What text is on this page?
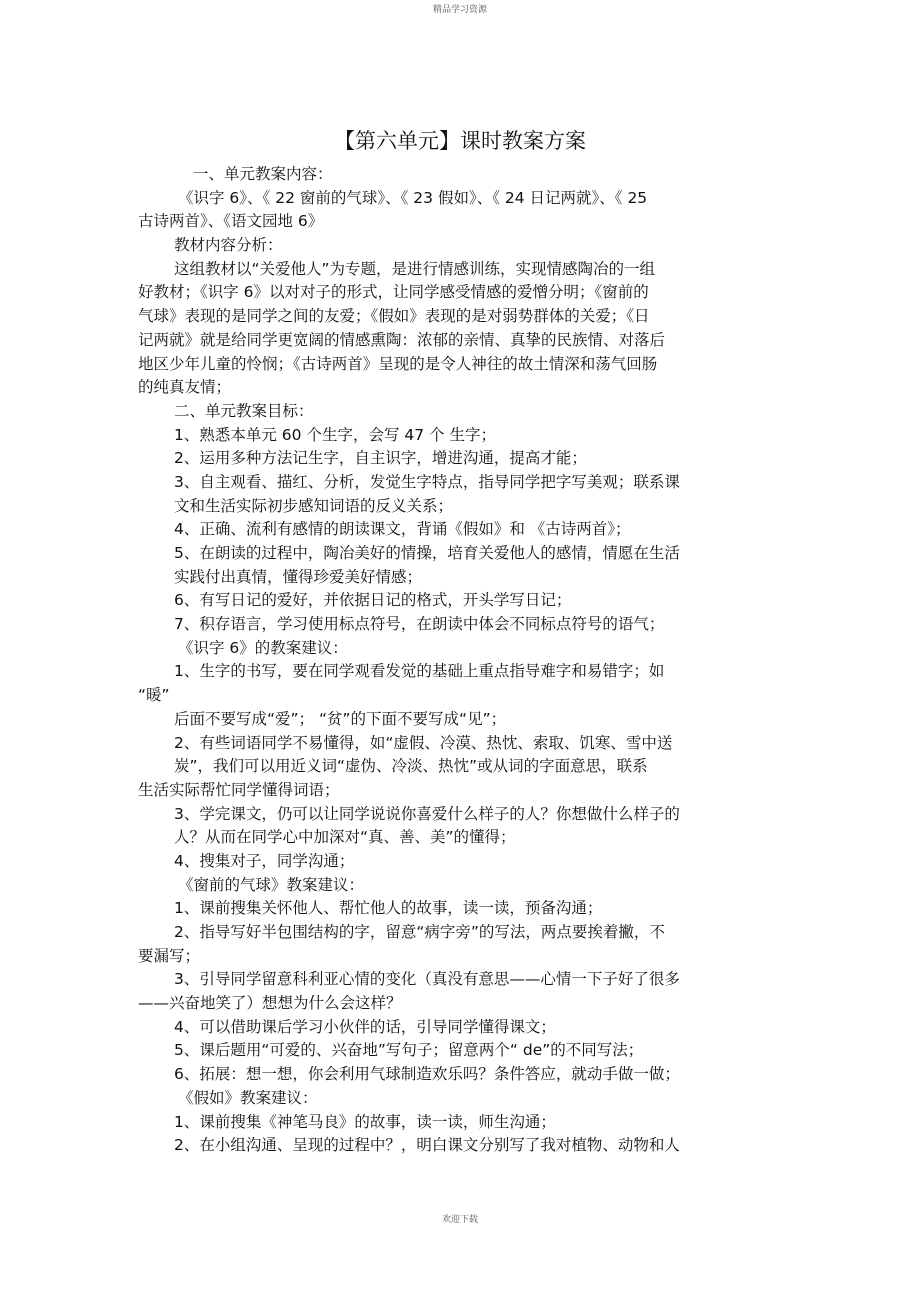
精品学习资源
【第六单元】课时教案方案
一、单元教案内容：
《识字 6》、《 22 窗前的气球》、《 23 假如》、《 24 日记两就》、《 25
古诗两首》、《语文园地 6》
教材内容分析：
这组教材以“关爱他人”为专题，是进行情感训练，实现情感陶冶的一组
好教材；《识字 6》以对对子的形式，让同学感受情感的爱憎分明；《窗前的
气球》表现的是同学之间的友爱；《假如》表现的是对弱势群体的关爱；《日
记两就》就是给同学更宽阔的情感熏陶：浓郁的亲情、真挚的民族情、对落后
地区少年儿童的怜悯；《古诗两首》呈现的是令人神往的故土情深和荡气回肠
的纯真友情；
二、单元教案目标：
1、熟悉本单元 60 个生字，会写 47 个 生字；
2、运用多种方法记生字，自主识字，增进沟通，提高才能；
3、自主观看、描红、分析，发觉生字特点，指导同学把字写美观；联系课
文和生活实际初步感知词语的反义关系；
4、正确、流利有感情的朗读课文，背诵《假如》和 《古诗两首》；
5、在朗读的过程中，陶冶美好的情操，培育关爱他人的感情，情愿在生活
实践付出真情，懂得珍爱美好情感；
6、有写日记的爱好，并依据日记的格式，开头学写日记；
7、积存语言，学习使用标点符号，在朗读中体会不同标点符号的语气；
《识字 6》的教案建议：
1、生字的书写，要在同学观看发觉的基础上重点指导难字和易错字；如
“暖”
后面不要写成“爱”； “贫”的下面不要写成“见”；
2、有些词语同学不易懂得，如“虚假、冷漠、热忱、索取、饥寒、雪中送
炭”，我们可以用近义词“虚伪、冷淡、热忱”或从词的字面意思，联系
生活实际帮忙同学懂得词语；
3、学完课文，仍可以让同学说说你喜爱什么样子的人？你想做什么样子的
人？从而在同学心中加深对“真、善、美”的懂得；
4、搜集对子，同学沟通；
《窗前的气球》教案建议：
1、课前搜集关怀他人、帮忙他人的故事，读一读，预备沟通；
2、指导写好半包围结构的字，留意“病字旁”的写法，两点要挨着撇，不
要漏写；
3、引导同学留意科利亚心情的变化（真没有意思——心情一下子好了很多
——兴奋地笑了）想想为什么会这样？
4、可以借助课后学习小伙伴的话，引导同学懂得课文；
5、课后题用“可爱的、兴奋地”写句子；留意两个“ de”的不同写法；
6、拓展：想一想，你会利用气球制造欢乐吗？条件答应，就动手做一做；
《假如》教案建议：
1、课前搜集《神笔马良》的故事，读一读，师生沟通；
2、在小组沟通、呈现的过程中？，明白课文分别写了我对植物、动物和人
欢迎下载
